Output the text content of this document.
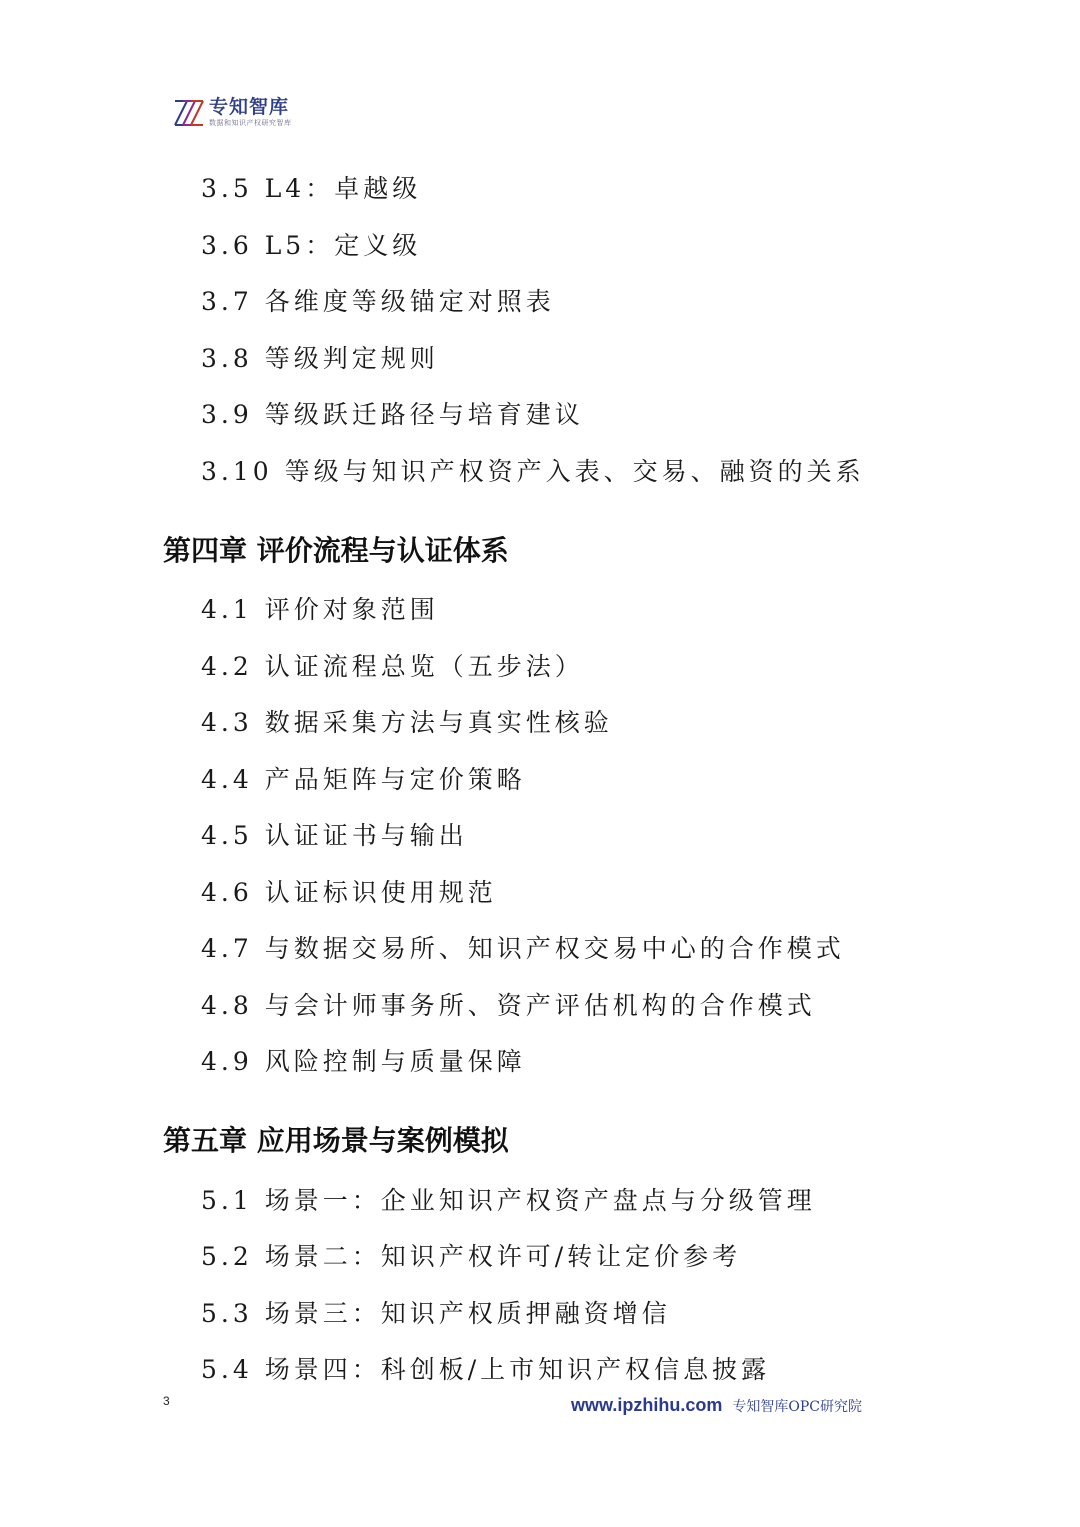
专知智库
数据和知识产权研究智库
3.5 L4：卓越级
3.6 L5：定义级
3.7 各维度等级锚定对照表
3.8 等级判定规则
3.9 等级跃迁路径与培育建议
3.10 等级与知识产权资产入表、交易、融资的关系
第四章 评价流程与认证体系
4.1 评价对象范围
4.2 认证流程总览（五步法）
4.3 数据采集方法与真实性核验
4.4 产品矩阵与定价策略
4.5 认证证书与输出
4.6 认证标识使用规范
4.7 与数据交易所、知识产权交易中心的合作模式
4.8 与会计师事务所、资产评估机构的合作模式
4.9 风险控制与质量保障
第五章 应用场景与案例模拟
5.1 场景一：企业知识产权资产盘点与分级管理
5.2 场景二：知识产权许可/转让定价参考
5.3 场景三：知识产权质押融资增信
5.4 场景四：科创板/上市知识产权信息披露
3	www.ipzhihu.com 专知智库OPC研究院
